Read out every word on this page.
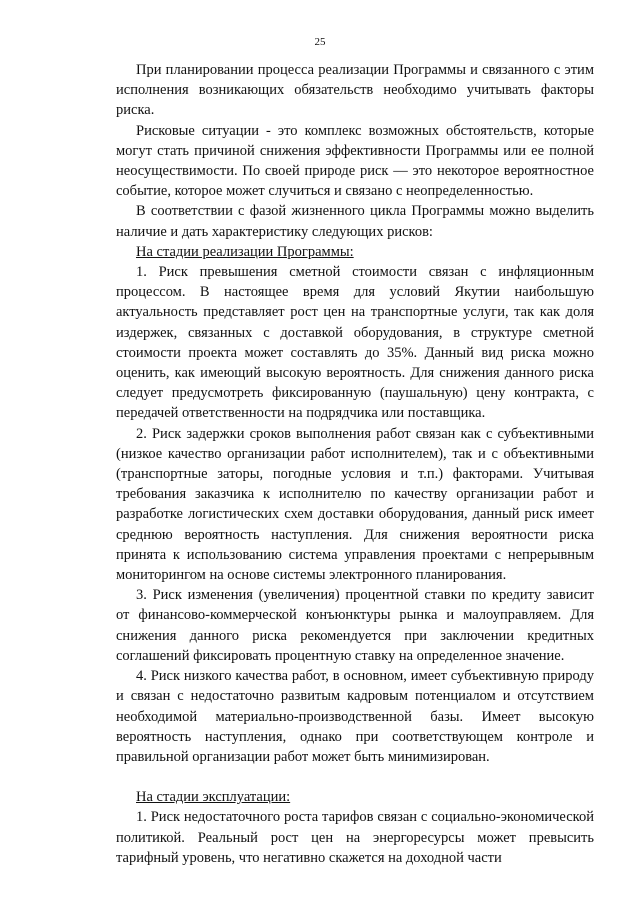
25

При планировании процесса реализации Программы и связанного с этим исполнения возникающих обязательств необходимо учитывать факторы риска.

Рисковые ситуации - это комплекс возможных обстоятельств, которые могут стать причиной снижения эффективности Программы или ее полной неосуществимости. По своей природе риск — это некоторое вероятностное событие, которое может случиться и связано с неопределенностью.

В соответствии с фазой жизненного цикла Программы можно выделить наличие и дать характеристику следующих рисков:

На стадии реализации Программы:

1. Риск превышения сметной стоимости связан с инфляционным процессом. В настоящее время для условий Якутии наибольшую актуальность представляет рост цен на транспортные услуги, так как доля издержек, связанных с доставкой оборудования, в структуре сметной стоимости проекта может составлять до 35%. Данный вид риска можно оценить, как имеющий высокую вероятность. Для снижения данного риска следует предусмотреть фиксированную (паушальную) цену контракта, с передачей ответственности на подрядчика или поставщика.

2. Риск задержки сроков выполнения работ связан как с субъективными (низкое качество организации работ исполнителем), так и с объективными (транспортные заторы, погодные условия и т.п.) факторами. Учитывая требования заказчика к исполнителю по качеству организации работ и разработке логистических схем доставки оборудования, данный риск имеет среднюю вероятность наступления. Для снижения вероятности риска принята к использованию система управления проектами с непрерывным мониторингом на основе системы электронного планирования.

3. Риск изменения (увеличения) процентной ставки по кредиту зависит от финансово-коммерческой конъюнктуры рынка и малоуправляем. Для снижения данного риска рекомендуется при заключении кредитных соглашений фиксировать процентную ставку на определенное значение.

4. Риск низкого качества работ, в основном, имеет субъективную природу и связан с недостаточно развитым кадровым потенциалом и отсутствием необходимой материально-производственной базы. Имеет высокую вероятность наступления, однако при соответствующем контроле и правильной организации работ может быть минимизирован.

На стадии эксплуатации:

1. Риск недостаточного роста тарифов связан с социально-экономической политикой. Реальный рост цен на энергоресурсы может превысить тарифный уровень, что негативно скажется на доходной части
